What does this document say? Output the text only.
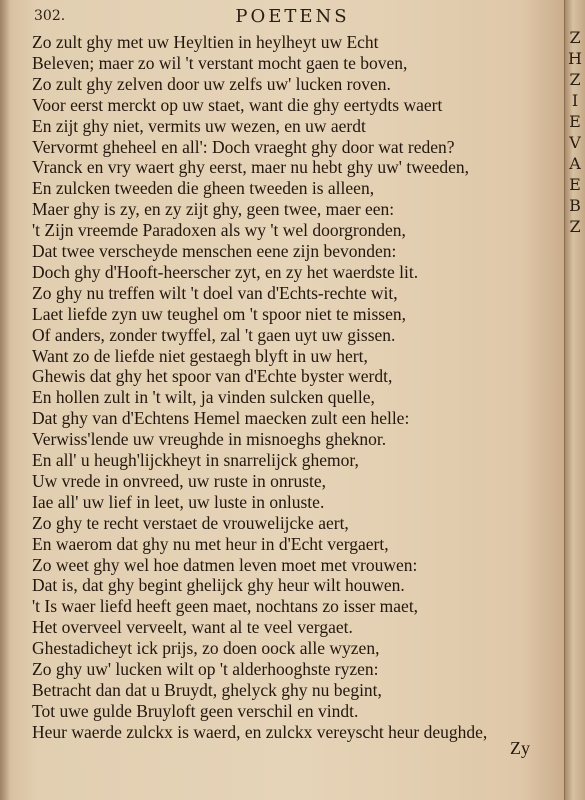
302.	POETENS
Zo zult ghy met uw Heyltien in heylheyt uw Echt
Beleven; maer zo wil 't verstant mocht gaen te boven,
Zo zult ghy zelven door uw zelfs uw' lucken roven.
Voor eerst merckt op uw staet, want die ghy eertydts waert
En zijt ghy niet, vermits uw wezen, en uw aerdt
Vervormt gheheel en all': Doch vraeght ghy door wat reden?
Vranck en vry waert ghy eerst, maer nu hebt ghy uw' tweeden,
En zulcken tweeden die gheen tweeden is alleen,
Maer ghy is zy, en zy zijt ghy, geen twee, maer een:
't Zijn vreemde Paradoxen als wy 't wel doorgronden,
Dat twee verscheyde menschen eene zijn bevonden:
Doch ghy d'Hooft-heerscher zyt, en zy het waerdste lit.
Zo ghy nu treffen wilt 't doel van d'Echts-rechte wit,
Laet liefde zyn uw teughel om 't spoor niet te missen,
Of anders, zonder twyffel, zal 't gaen uyt uw gissen.
Want zo de liefde niet gestaegh blyft in uw hert,
Ghewis dat ghy het spoor van d'Echte byster werdt,
En hollen zult in 't wilt, ja vinden sulcken quelle,
Dat ghy van d'Echtens Hemel maecken zult een helle:
Verwiss'lende uw vreughde in misnoeghs gheknor.
En all' u heugh'lijckheyt in snarrelijck ghemor,
Uw vrede in onvreed, uw ruste in onruste,
Iae all' uw lief in leet, uw luste in onluste.
Zo ghy te recht verstaet de vrouwelijcke aert,
En waerom dat ghy nu met heur in d'Echt vergaert,
Zo weet ghy wel hoe datmen leven moet met vrouwen:
Dat is, dat ghy begint ghelijck ghy heur wilt houwen.
't Is waer liefd heeft geen maet, nochtans zo isser maet,
Het overveel verveelt, want al te veel vergaet.
Ghestadicheyt ick prijs, zo doen oock alle wyzen,
Zo ghy uw' lucken wilt op 't alderhooghste ryzen:
Betracht dan dat u Bruydt, ghelyck ghy nu begint,
Tot uwe gulde Bruyloft geen verschil en vindt.
Heur waerde zulckx is waerd, en zulckx vereyscht heur deughde,
Zy
Z
H
Z
I
E
V
A
E
B
Z
